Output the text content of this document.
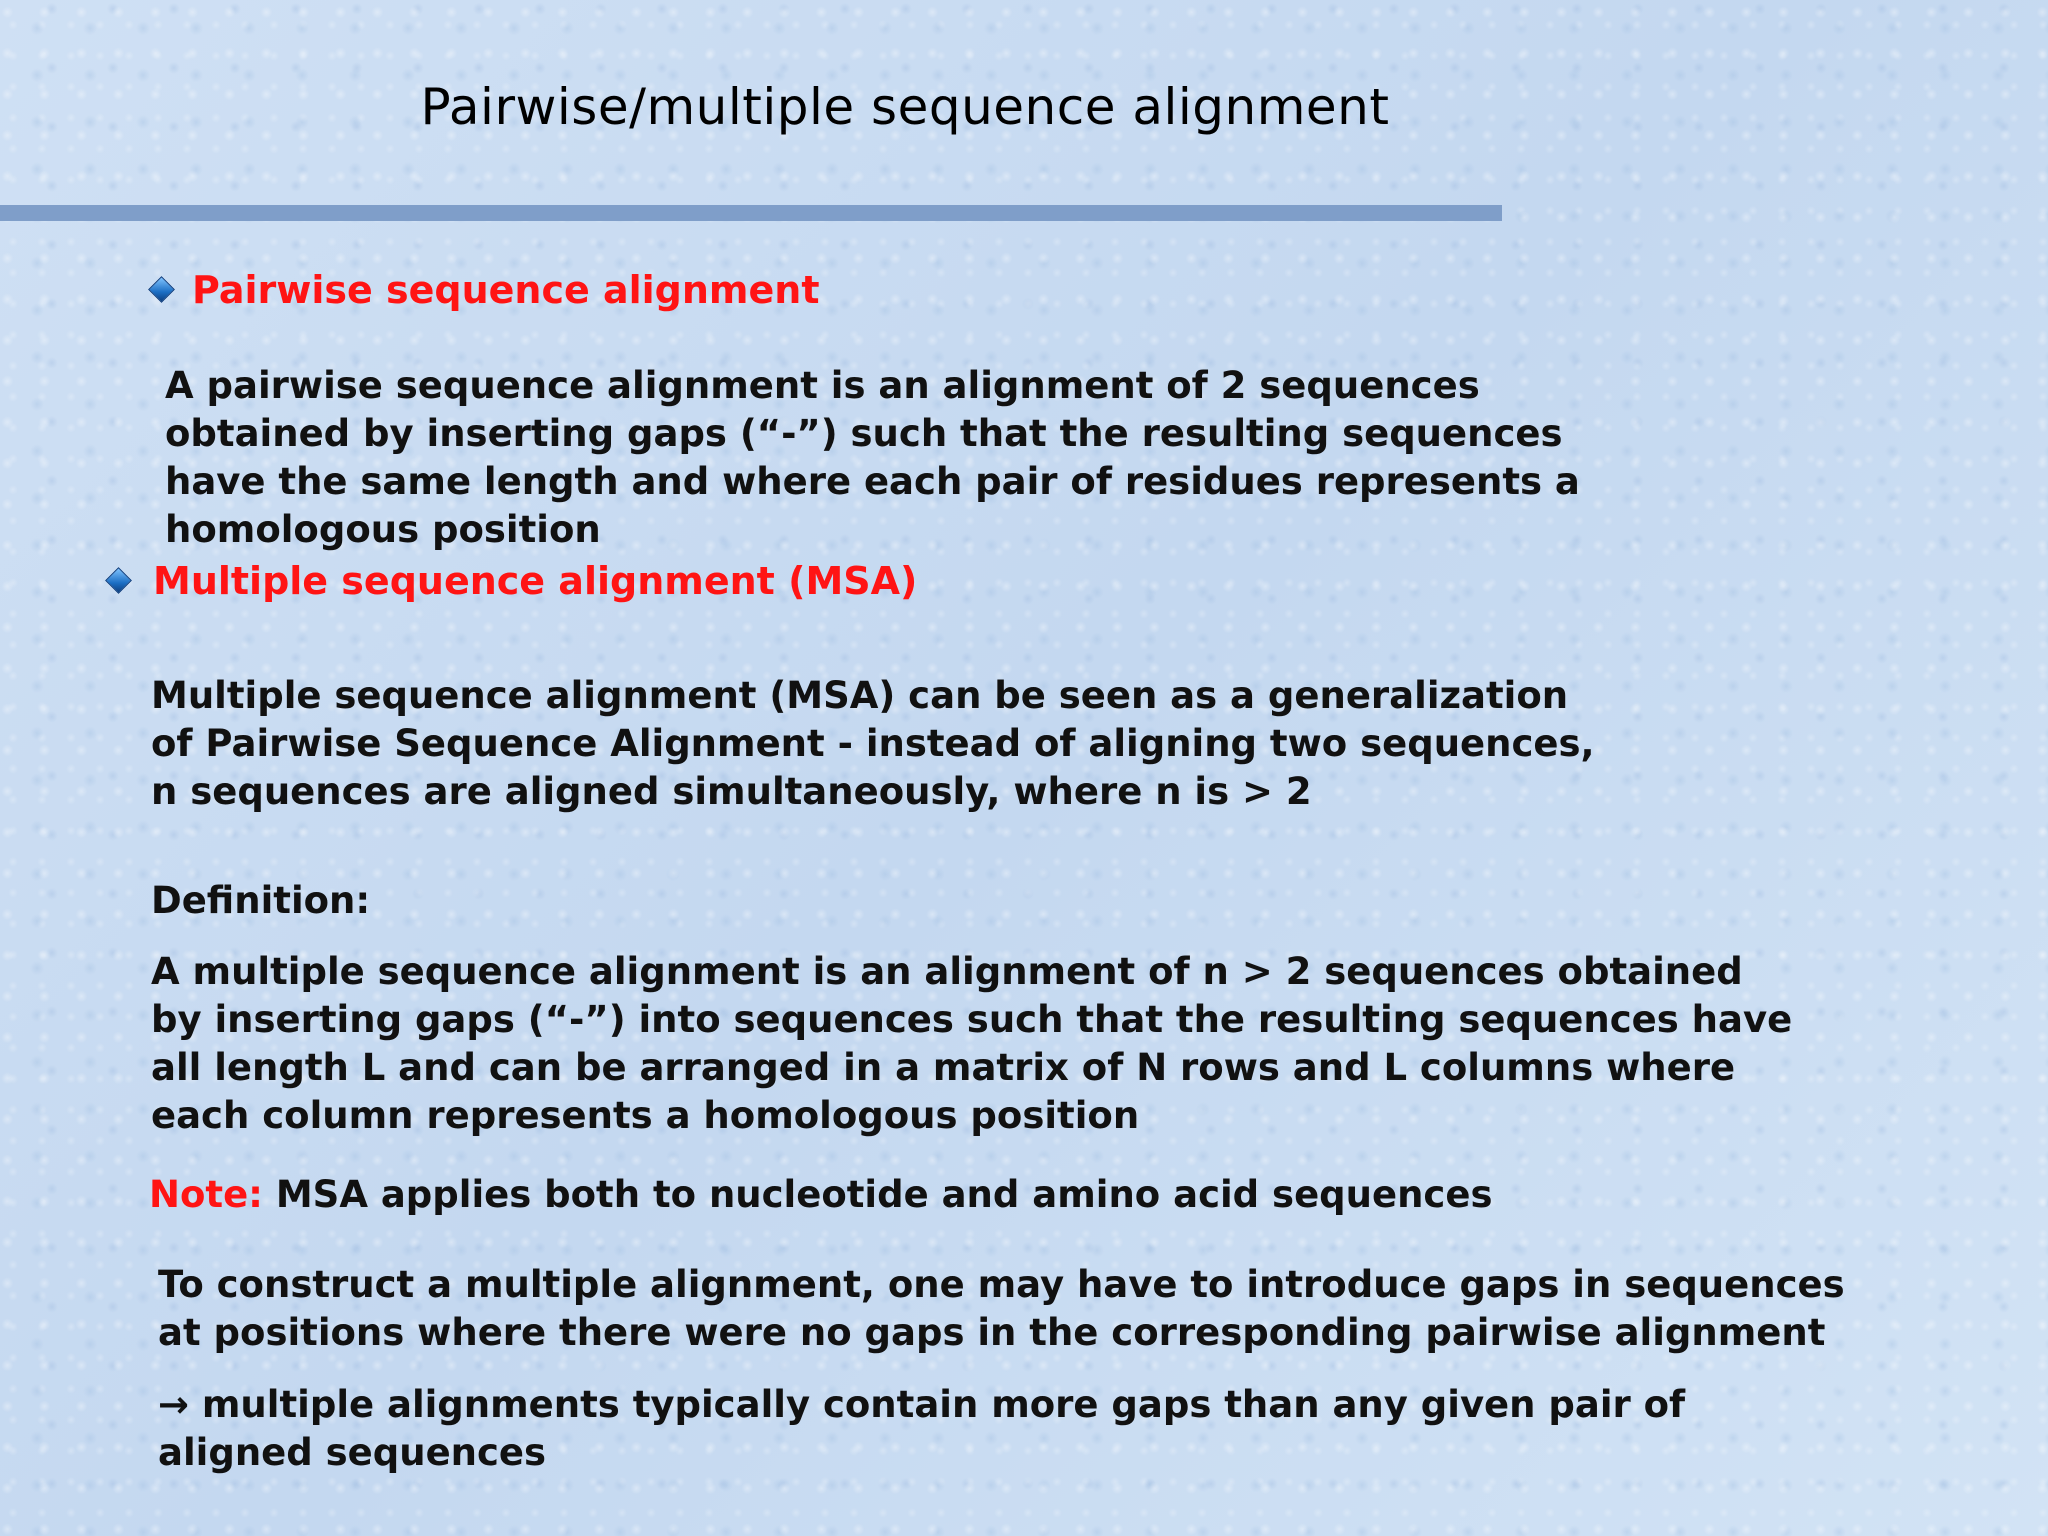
Pairwise/multiple sequence alignment
Pairwise sequence alignment
A pairwise sequence alignment is an alignment of 2 sequences
obtained by inserting gaps (“-”) such that the resulting sequences
have the same length and where each pair of residues represents a
homologous position
Multiple sequence alignment (MSA)
Multiple sequence alignment (MSA) can be seen as a generalization
of Pairwise Sequence Alignment - instead of aligning two sequences,
n sequences are aligned simultaneously, where n is > 2
Definition:
A multiple sequence alignment is an alignment of n > 2 sequences obtained
by inserting gaps (“-”) into sequences such that the resulting sequences have
all length L and can be arranged in a matrix of N rows and L columns where
each column represents a homologous position
Note: MSA applies both to nucleotide and amino acid sequences
To construct a multiple alignment, one may have to introduce gaps in sequences
at positions where there were no gaps in the corresponding pairwise alignment
→ multiple alignments typically contain more gaps than any given pair of
aligned sequences
